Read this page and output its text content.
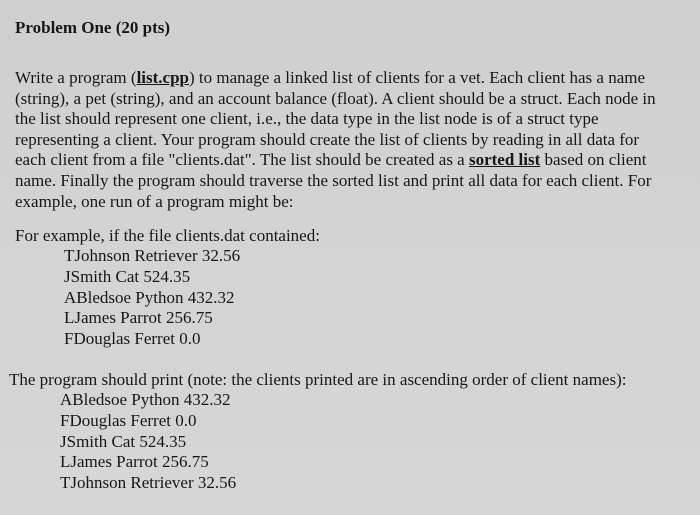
Problem One (20 pts)

Write a program (list.cpp) to manage a linked list of clients for a vet. Each client has a name
(string), a pet (string), and an account balance (float). A client should be a struct. Each node in
the list should represent one client, i.e., the data type in the list node is of a struct type
representing a client. Your program should create the list of clients by reading in all data for
each client from a file "clients.dat". The list should be created as a sorted list based on client
name. Finally the program should traverse the sorted list and print all data for each client. For
example, one run of a program might be:

For example, if the file clients.dat contained:

TJohnson Retriever 32.56
JSmith Cat 524.35
ABledsoe Python 432.32
LJames Parrot 256.75
FDouglas Ferret 0.0

The program should print (note: the clients printed are in ascending order of client names):

ABledsoe Python 432.32
FDouglas Ferret 0.0
JSmith Cat 524.35
LJames Parrot 256.75
TJohnson Retriever 32.56
